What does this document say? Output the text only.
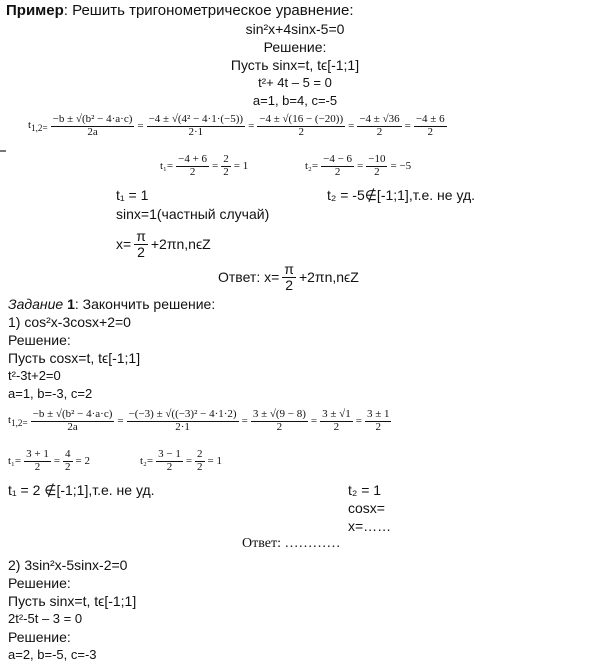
Пример: Решить тригонометрическое уравнение:
sin²x+4sinx-5=0
Решение:
Пусть sinx=t, tϵ[-1;1]
t²+ 4t – 5 = 0
a=1, b=4, c=-5
$t_{1,2=} \frac{\text{−b ± √(b² − 4·a·c)}}{2a} = \frac{\text{−4 ± √(4² − 4·1·(−5))}}{2\cdot 1} = \frac{-4 \pm √(16 - (-20))}{2} = \frac{-4 \pm √36}{2} = \frac{-4 \pm 6}{2}$
$t_1= \frac{-4 + 6}{2} = \frac{2}{2} = 1$	$t_2= \frac{-4 - 6}{2} = \frac{-10}{2} = -5$
t₁ = 1	t₂ = -5∉[-1;1],т.е. не уд.
sinx=1(частный случай)
$x= \frac{\pi}{2} +2\pi n,n\epsilon Z$
Ответ: $x= \frac{\pi}{2} +2\pi n,n\epsilon Z$
Задание 1: Закончить решение:
1) cos²x-3cosx+2=0
Решение:
Пусть cosx=t, tϵ[-1;1]
t²-3t+2=0
a=1, b=-3, c=2
$t_{1,2=} \frac{\text{−b ± √(b² − 4·a·c)}}{2a} = \frac{\text{−(−3) ± √((−3)² − 4·1·2)}}{2\cdot 1} = \frac{3 \pm √(9 - 8)}{2} = \frac{3 \pm √1}{2} = \frac{3 \pm 1}{2}$
$t_1= \frac{3 + 1}{2} = \frac{4}{2} = 2$	$t_2= \frac{3 - 1}{2} = \frac{2}{2} = 1$
t₁ = 2 ∉[-1;1],т.е. не уд.	t₂ = 1
cosx=
x=……
Ответ: …………
2) 3sin²x-5sinx-2=0
Решение:
Пусть sinx=t, tϵ[-1;1]
2t²-5t – 3 = 0
Решение:
a=2, b=-5, c=-3
